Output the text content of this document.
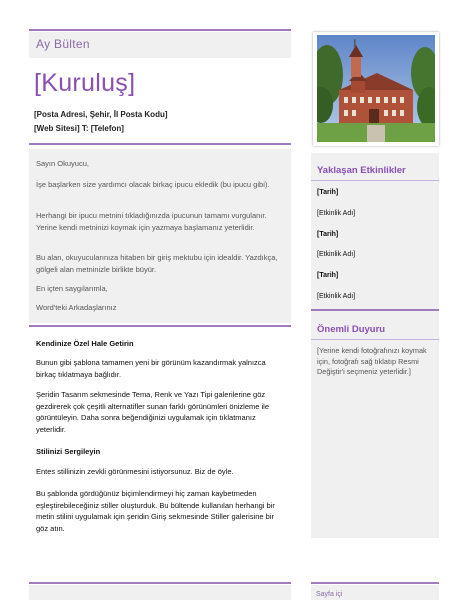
Ay Bülten
[Kuruluş]
[Posta Adresi, Şehir, İl Posta Kodu]
[Web Sitesi] T: [Telefon]
Sayın Okuyucu,
İşe başlarken size yardımcı olacak birkaç ipucu ekledik (bu ipucu gibi).
Herhangi bir ipucu metnini tıkladığınızda ipucunun tamamı vurgulanır. Yerine kendi metninizi koymak için yazmaya başlamanız yeterlidir.
Bu alan, okuyucularınıza hitaben bir giriş mektubu için idealdir. Yazdıkça, gölgeli alan metninizle birlikte büyür.
En içten saygılarımla,
Word'teki Arkadaşlarınız
Kendinize Özel Hale Getirin
Bunun gibi şablona tamamen yeni bir görünüm kazandırmak yalnızca birkaç tıklatmaya bağlıdır.
Şeridin Tasarım sekmesinde Tema, Renk ve Yazı Tipi galerilerine göz gezdirerek çok çeşitli alternatifler sunan farklı görünümleri önizleme ile görüntüleyin. Daha sonra beğendiğinizi uygulamak için tıklatmanız yeterlidir.
Stilinizi Sergileyin
Entes stillinizin zevkli görünmesini istiyorsunuz. Biz de öyle.
Bu şablonda gördüğünüz biçimlendirmeyi hiç zaman kaybetmeden eşleştirebileceğiniz stiller oluşturduk. Bu bültende kullanılan herhangi bir metin stilini uygulamak için şeridin Giriş sekmesinde Stiller galerisine bir göz atın.
Yaklaşan Etkinlikler
[Tarih]
[Etkinlik Adı]
[Tarih]
[Etkinlik Adı]
[Tarih]
[Etkinlik Adı]
Önemli Duyuru
[Yerine kendi fotoğrafınızı koymak için, fotoğrafı sağ tıklatıp Resmi Değiştir'i seçmeniz yeterlidir.]
Sayfa içi
